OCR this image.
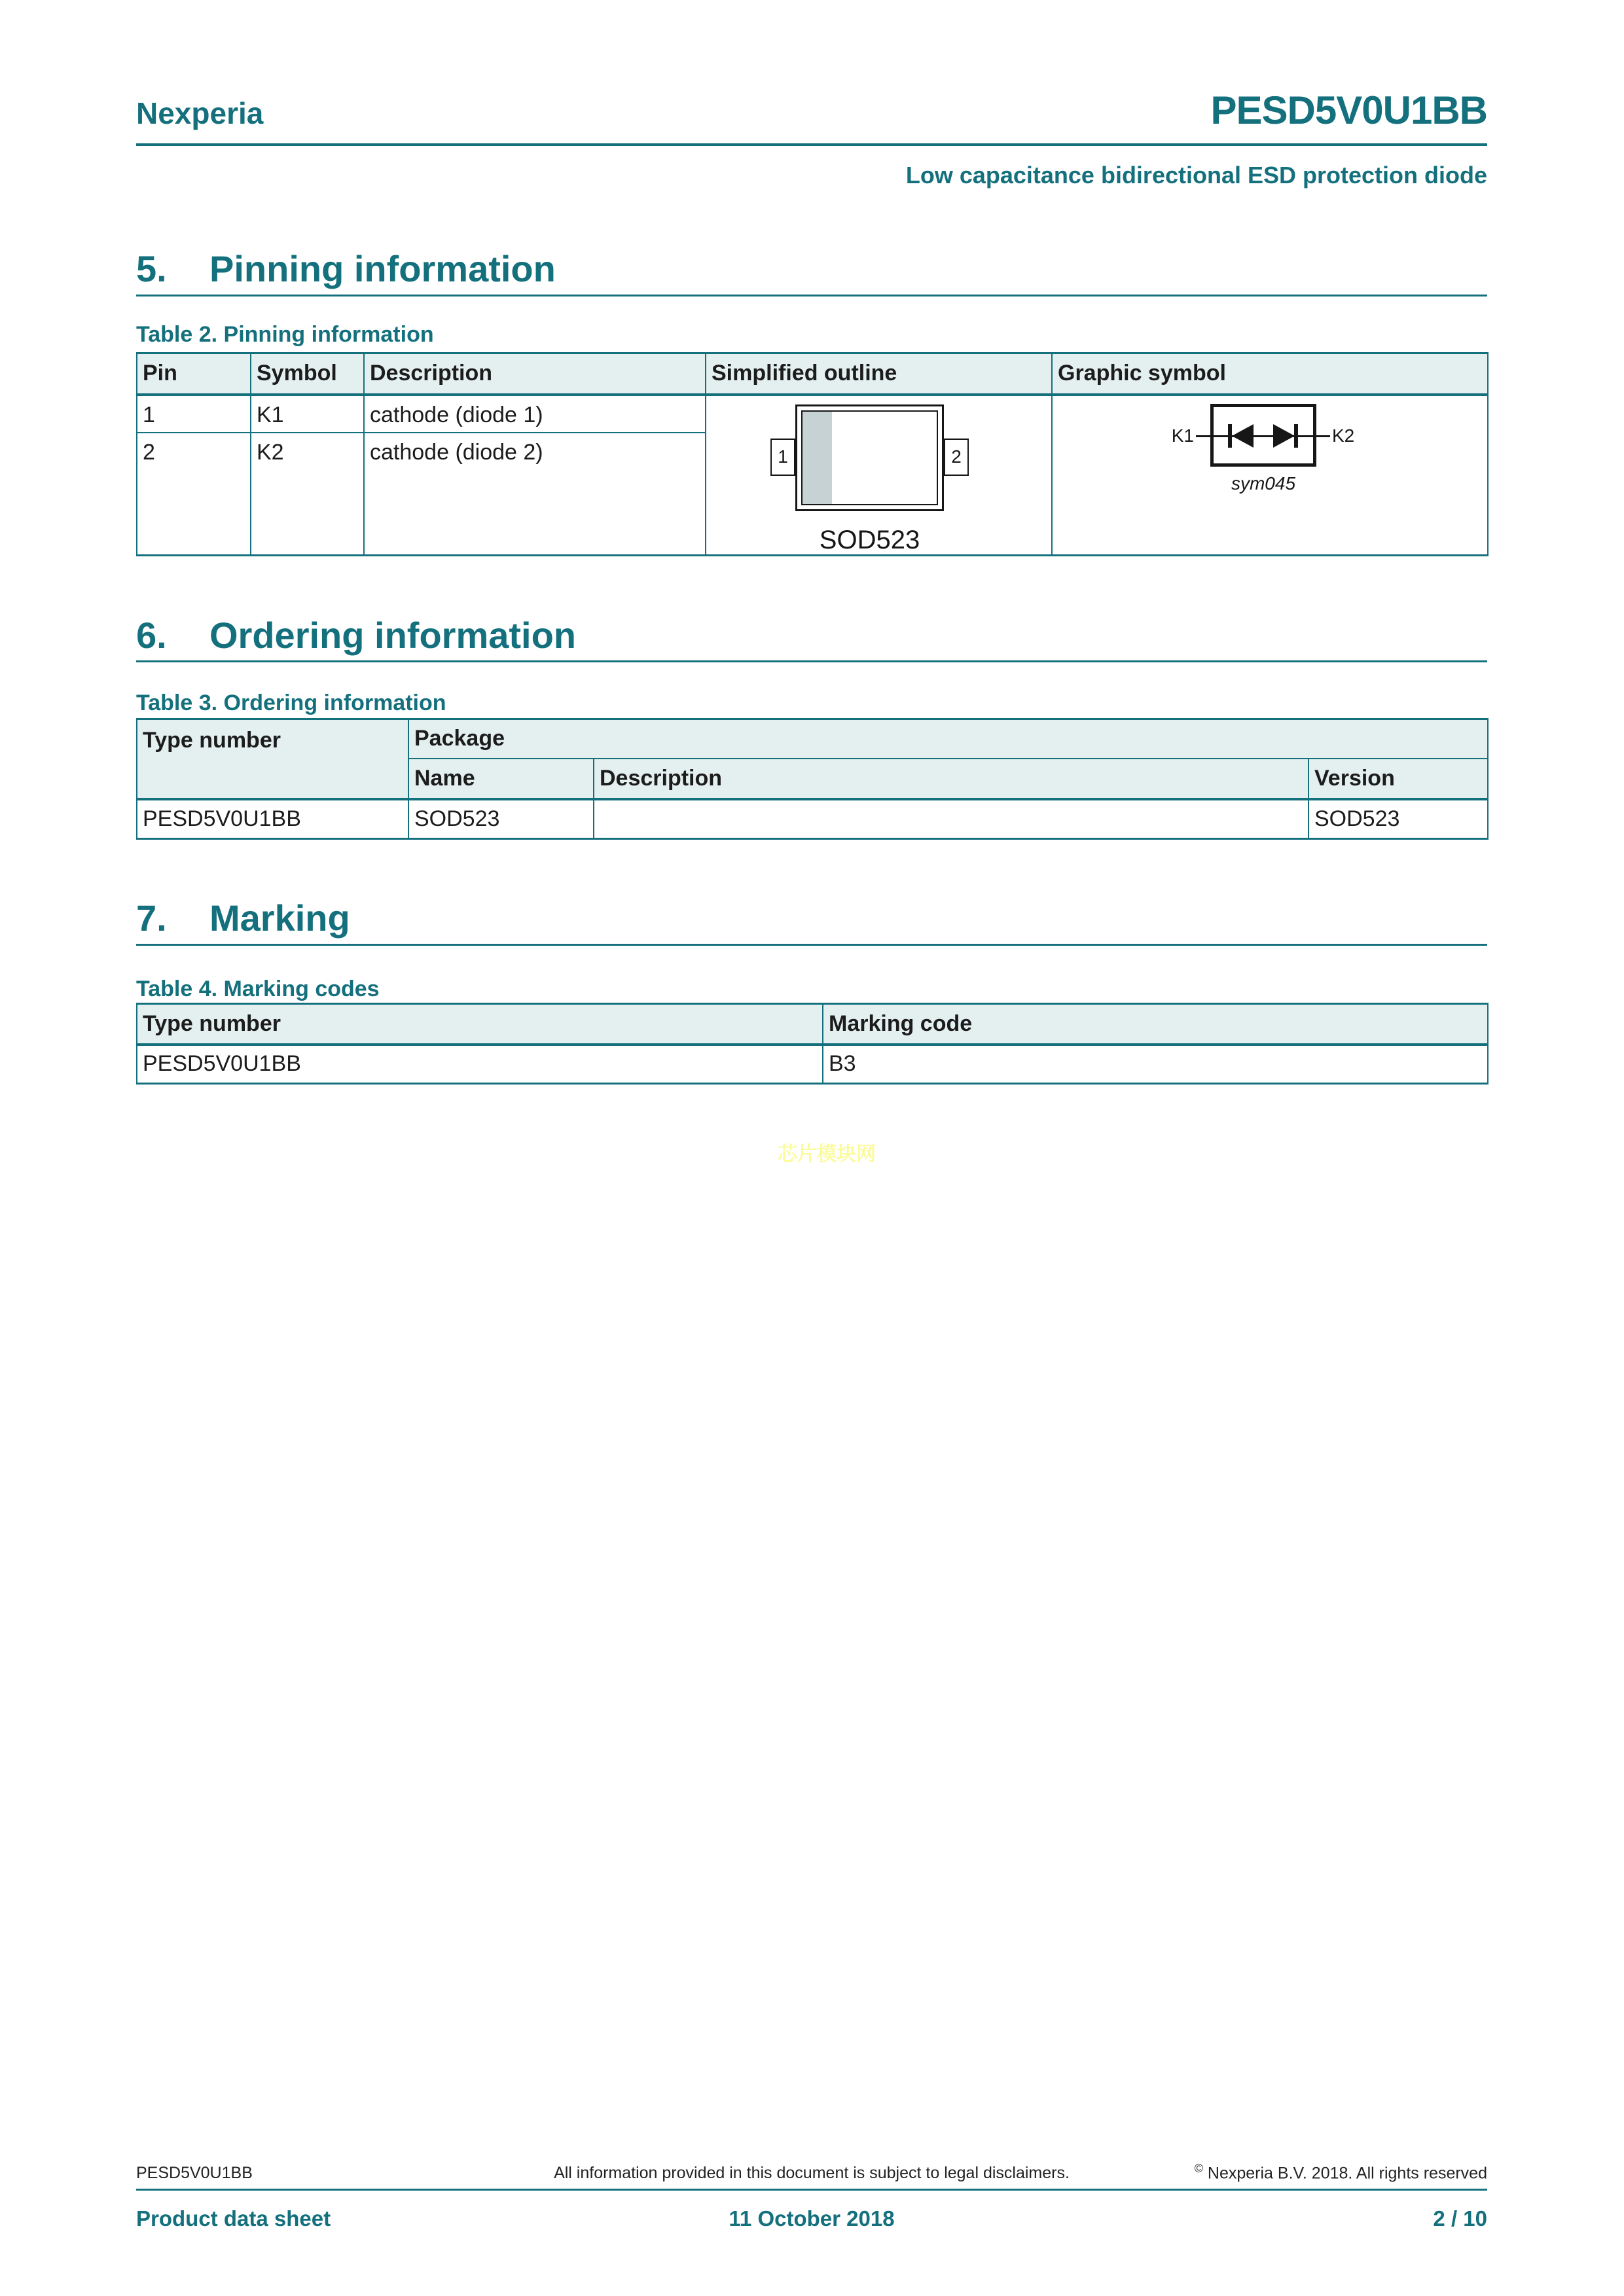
Nexperia	PESD5V0U1BB
Low capacitance bidirectional ESD protection diode
5. Pinning information
Table 2. Pinning information
Pin	Symbol	Description	Simplified outline	Graphic symbol
1	K1	cathode (diode 1)	
1	2
SOD523

K1	K2
sym045

2	K2	cathode (diode 2)		
6. Ordering information
Table 3. Ordering information
Type number	Package		
	Name	Description	Version
PESD5V0U1BB	SOD523		SOD523
7. Marking
Table 4. Marking codes
Type number	Marking code
PESD5V0U1BB	B3
芯片模块网
PESD5V0U1BB	All information provided in this document is subject to legal disclaimers.	© Nexperia B.V. 2018. All rights reserved
Product data sheet	11 October 2018	2 / 10
